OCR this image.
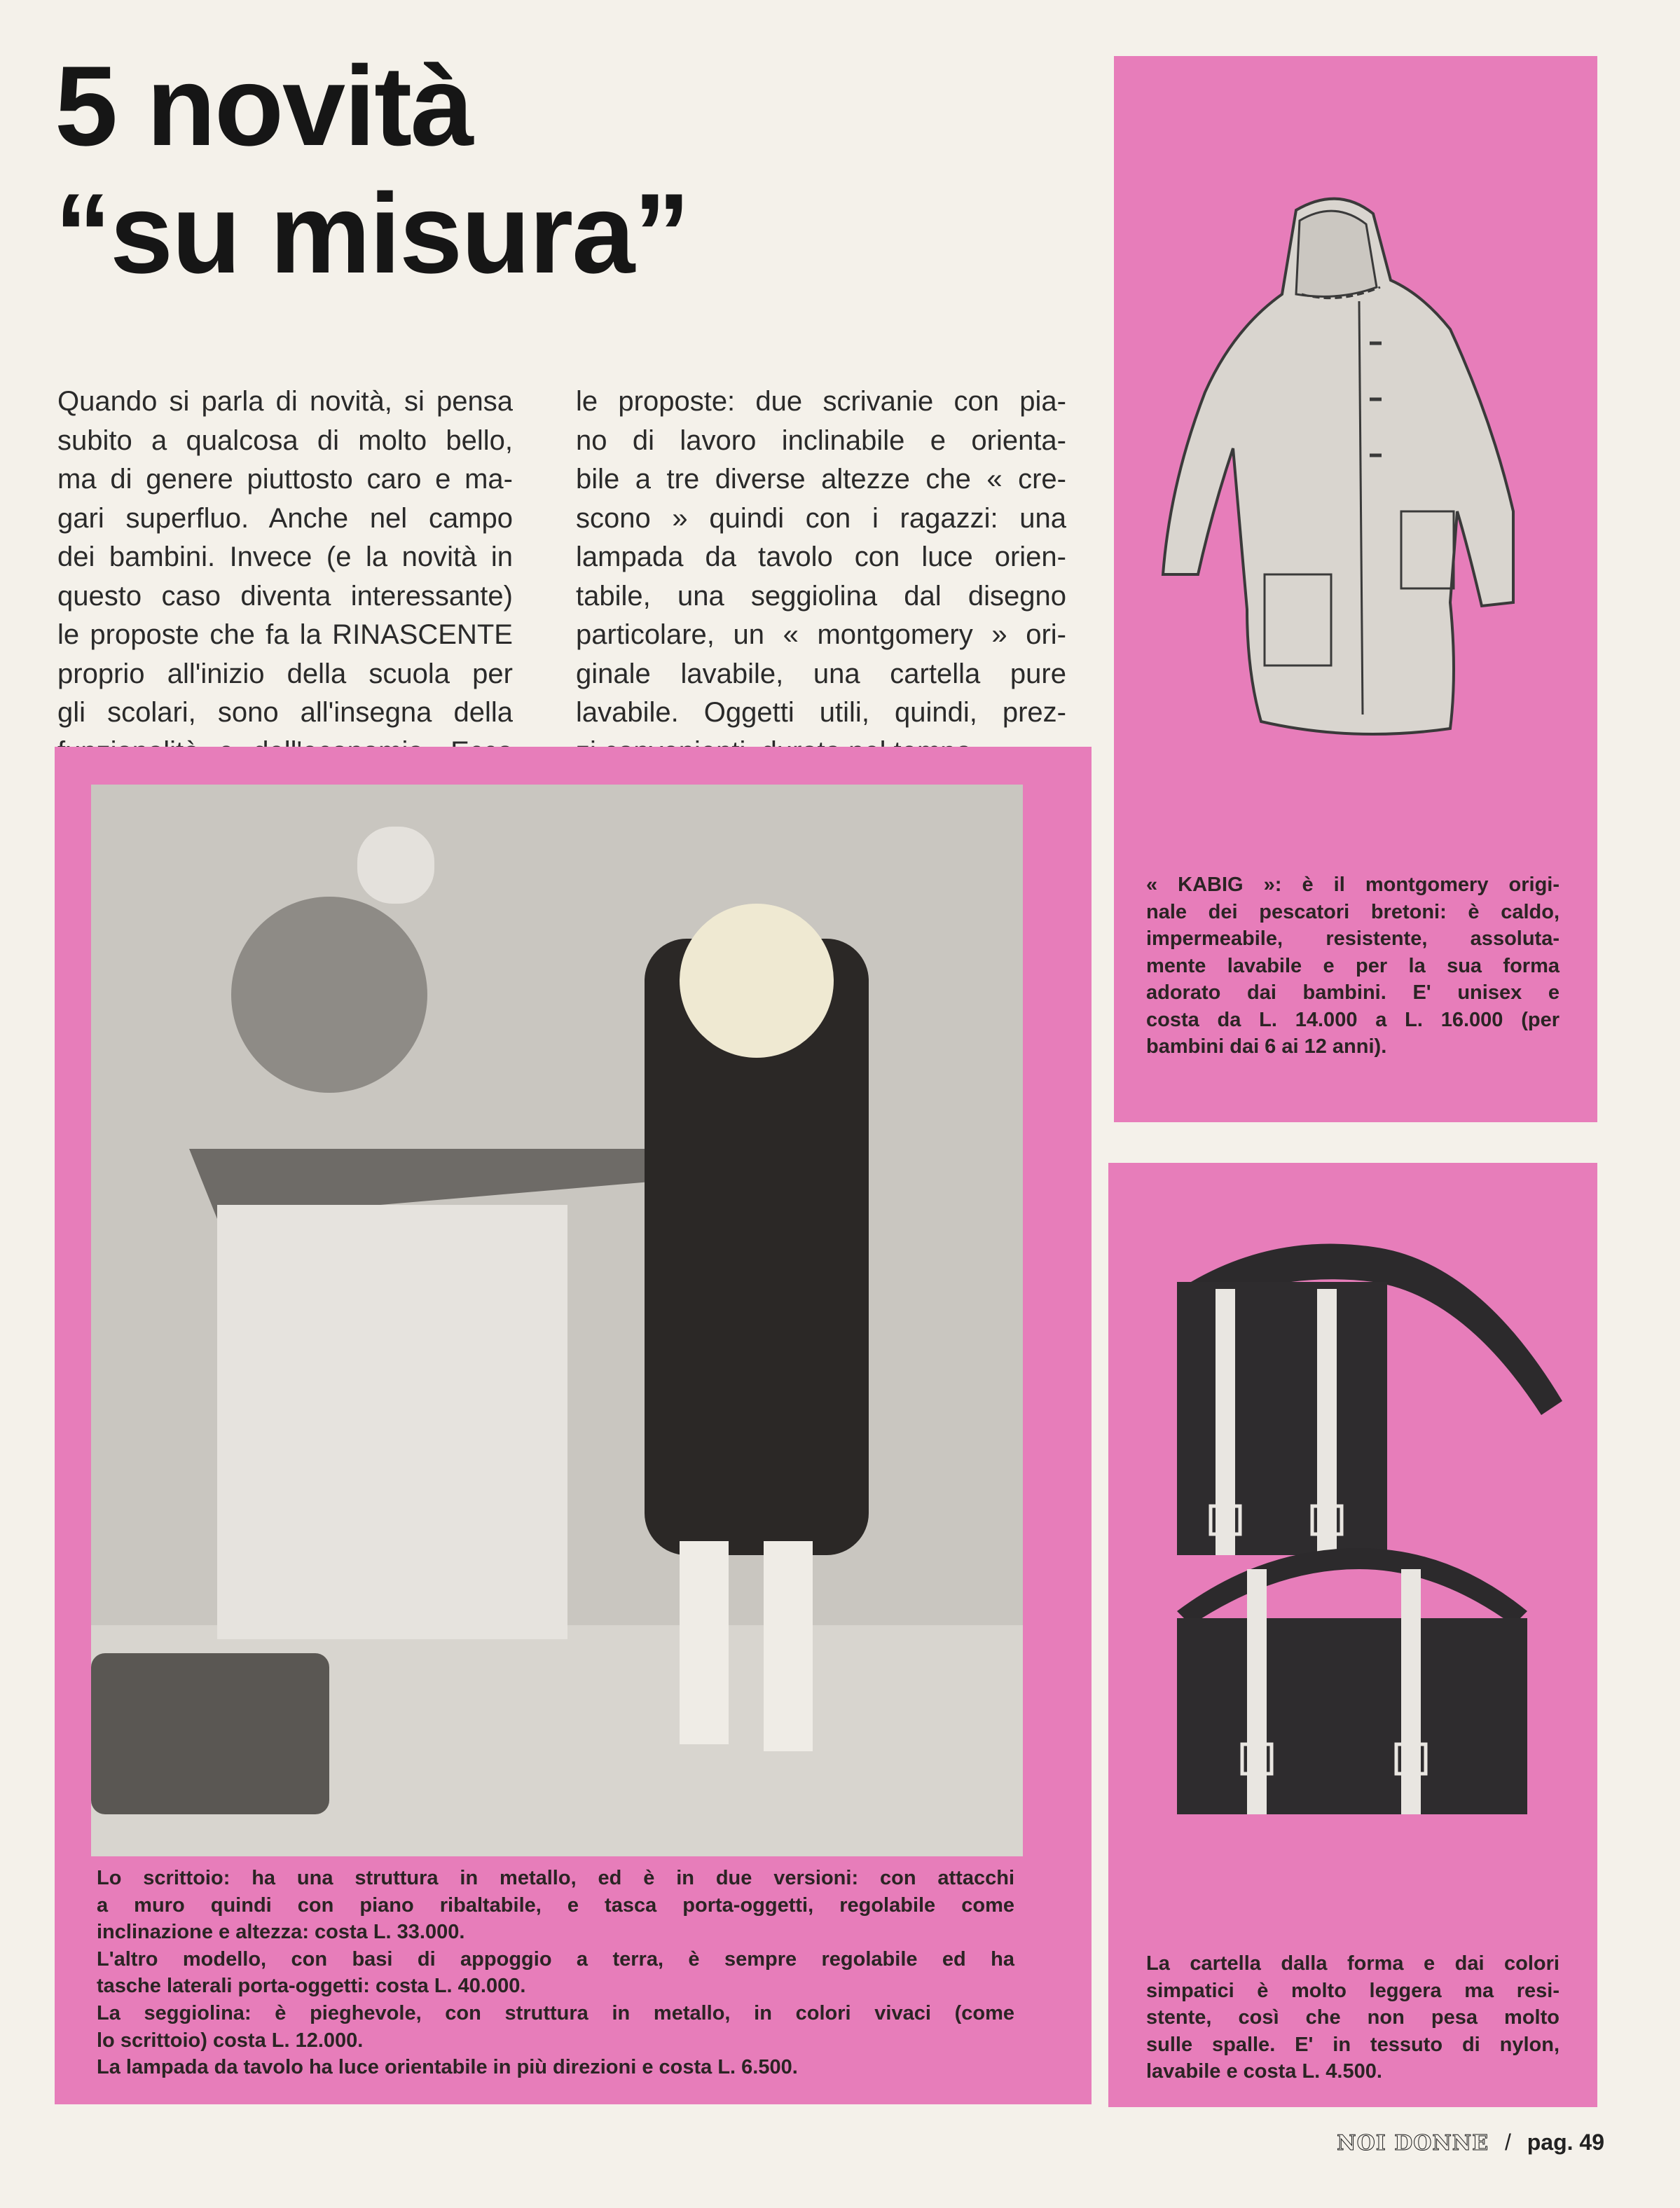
5 novità
“su misura”
Quando si parla di novità, si pensa
subito a qualcosa di molto bello,
ma di genere piuttosto caro e ma-
gari superfluo. Anche nel campo
dei bambini. Invece (e la novità in
questo caso diventa interessante)
le proposte che fa la RINASCENTE
proprio all'inizio della scuola per
gli scolari, sono all'insegna della
le proposte: due scrivanie con pia-
no di lavoro inclinabile e orienta-
bile a tre diverse altezze che « cre-
scono » quindi con i ragazzi: una
lampada da tavolo con luce orien-
tabile, una seggiolina dal disegno
particolare, un « montgomery » ori-
ginale lavabile, una cartella pure
lavabile. Oggetti utili, quindi, prez-
« KABIG »: è il montgomery origi-
nale dei pescatori bretoni: è caldo,
impermeabile, resistente, assoluta-
mente lavabile e per la sua forma
adorato dai bambini. E' unisex e
costa da L. 14.000 a L. 16.000 (per
bambini dai 6 ai 12 anni).
Lo scrittoio: ha una struttura in metallo, ed è in due versioni: con attacchi
a muro quindi con piano ribaltabile, e tasca porta-oggetti, regolabile come
inclinazione e altezza: costa L. 33.000.
L'altro modello, con basi di appoggio a terra, è sempre regolabile ed ha
tasche laterali porta-oggetti: costa L. 40.000.
La seggiolina: è pieghevole, con struttura in metallo, in colori vivaci (come
lo scrittoio) costa L. 12.000.
La lampada da tavolo ha luce orientabile in più direzioni e costa L. 6.500.
La cartella dalla forma e dai colori
simpatici è molto leggera ma resi-
stente, così che non pesa molto
sulle spalle. E' in tessuto di nylon,
lavabile e costa L. 4.500.
NOI DONNE / pag. 49
